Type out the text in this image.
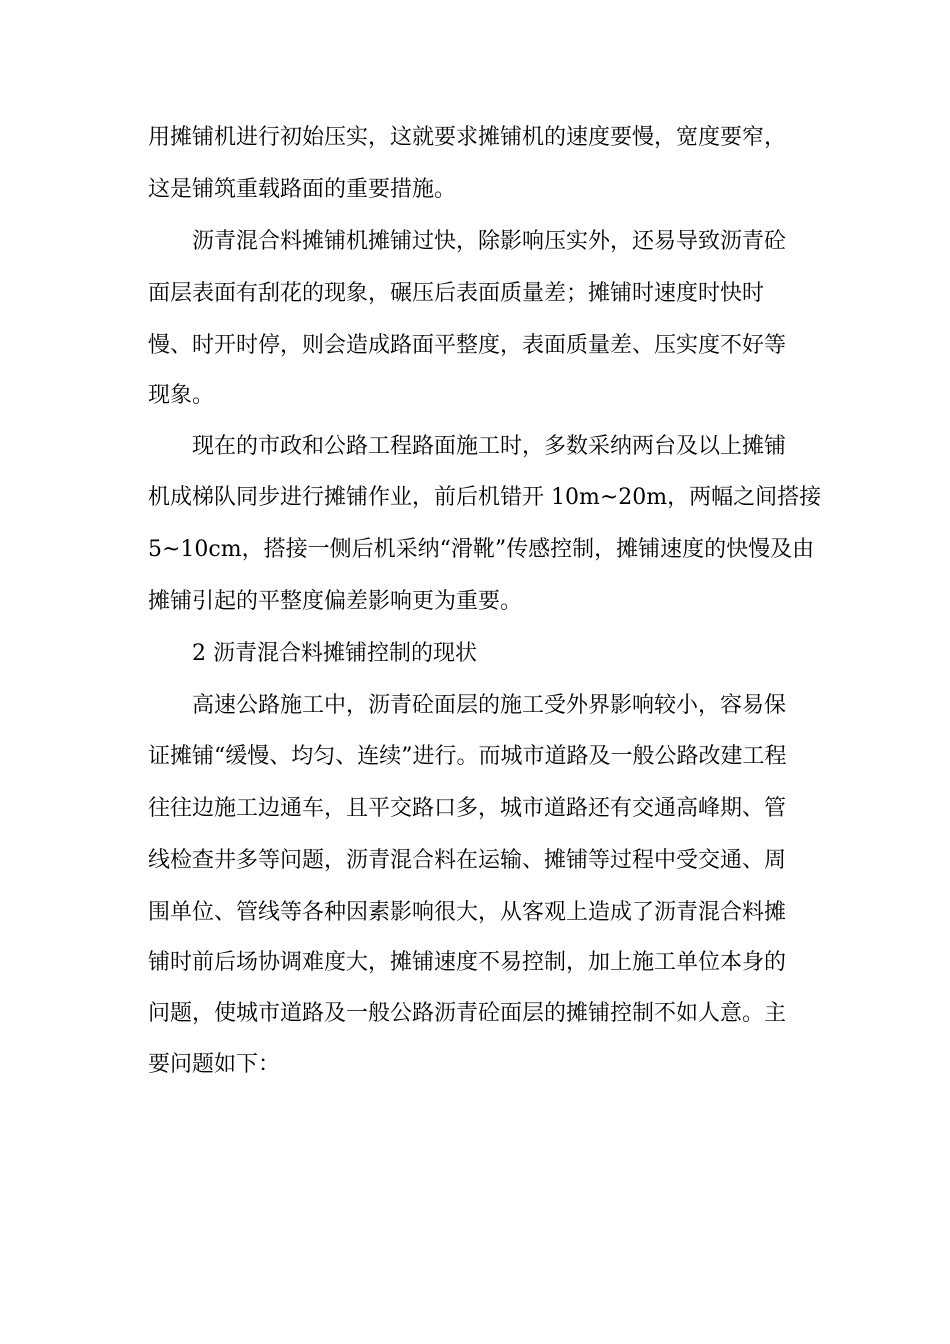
用摊铺机进行初始压实，这就要求摊铺机的速度要慢，宽度要窄，
这是铺筑重载路面的重要措施。
沥青混合料摊铺机摊铺过快，除影响压实外，还易导致沥青砼
面层表面有刮花的现象，碾压后表面质量差；摊铺时速度时快时
慢、时开时停，则会造成路面平整度，表面质量差、压实度不好等
现象。
现在的市政和公路工程路面施工时，多数采纳两台及以上摊铺
机成梯队同步进行摊铺作业，前后机错开 10m~20m，两幅之间搭接
5~10cm，搭接一侧后机采纳“滑靴”传感控制，摊铺速度的快慢及由
摊铺引起的平整度偏差影响更为重要。
2 沥青混合料摊铺控制的现状
高速公路施工中，沥青砼面层的施工受外界影响较小，容易保
证摊铺“缓慢、均匀、连续”进行。而城市道路及一般公路改建工程
往往边施工边通车，且平交路口多，城市道路还有交通高峰期、管
线检查井多等问题，沥青混合料在运输、摊铺等过程中受交通、周
围单位、管线等各种因素影响很大，从客观上造成了沥青混合料摊
铺时前后场协调难度大，摊铺速度不易控制，加上施工单位本身的
问题，使城市道路及一般公路沥青砼面层的摊铺控制不如人意。主
要问题如下：
